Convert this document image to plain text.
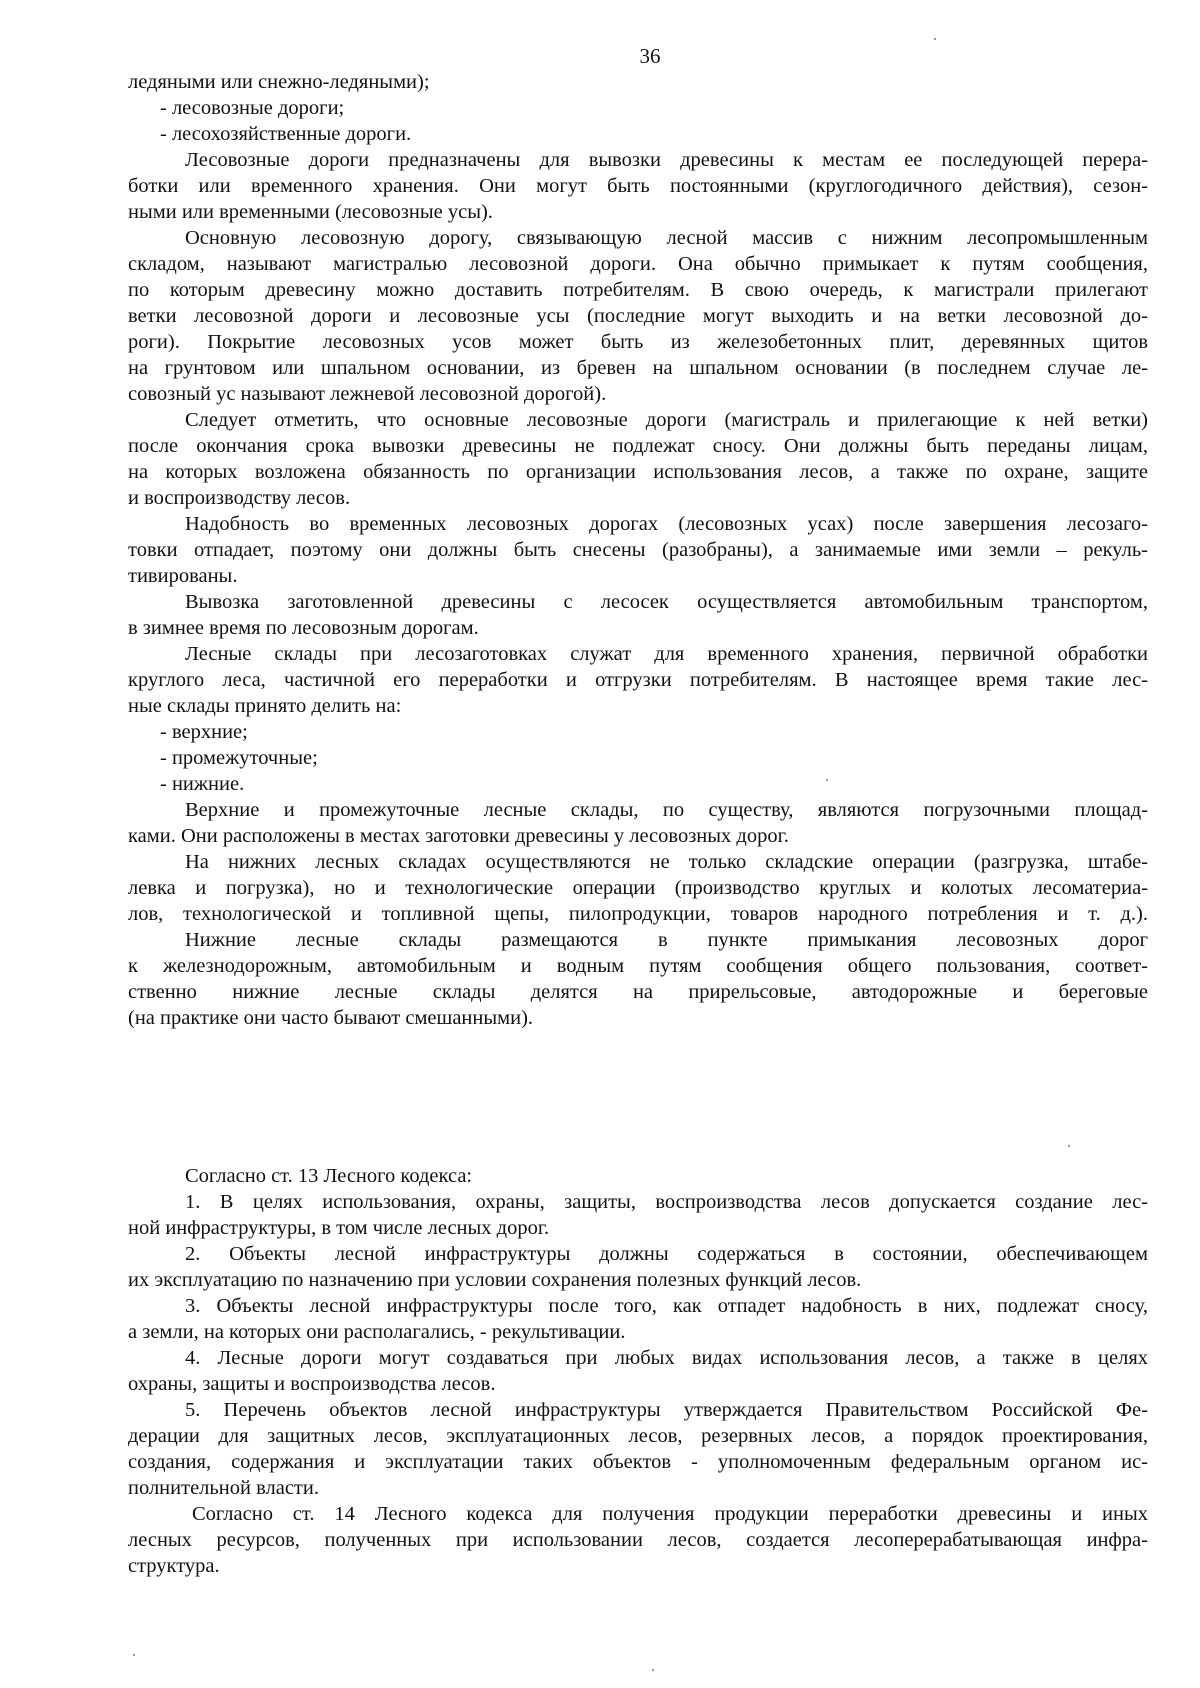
36
ледяными или снежно-ледяными);
- лесовозные дороги;
- лесохозяйственные дороги.
Лесовозные дороги предназначены для вывозки древесины к местам ее последующей перера-
ботки или временного хранения. Они могут быть постоянными (круглогодичного действия), сезон-
ными или временными (лесовозные усы).
Основную лесовозную дорогу, связывающую лесной массив с нижним лесопромышленным
складом, называют магистралью лесовозной дороги. Она обычно примыкает к путям сообщения,
по которым древесину можно доставить потребителям. В свою очередь, к магистрали прилегают
ветки лесовозной дороги и лесовозные усы (последние могут выходить и на ветки лесовозной до-
роги). Покрытие лесовозных усов может быть из железобетонных плит, деревянных щитов
на грунтовом или шпальном основании, из бревен на шпальном основании (в последнем случае ле-
совозный ус называют лежневой лесовозной дорогой).
Следует отметить, что основные лесовозные дороги (магистраль и прилегающие к ней ветки)
после окончания срока вывозки древесины не подлежат сносу. Они должны быть переданы лицам,
на которых возложена обязанность по организации использования лесов, а также по охране, защите
и воспроизводству лесов.
Надобность во временных лесовозных дорогах (лесовозных усах) после завершения лесозаго-
товки отпадает, поэтому они должны быть снесены (разобраны), а занимаемые ими земли – рекуль-
тивированы.
Вывозка заготовленной древесины с лесосек осуществляется автомобильным транспортом,
в зимнее время по лесовозным дорогам.
Лесные склады при лесозаготовках служат для временного хранения, первичной обработки
круглого леса, частичной его переработки и отгрузки потребителям. В настоящее время такие лес-
ные склады принято делить на:
- верхние;
- промежуточные;
- нижние.
Верхние и промежуточные лесные склады, по существу, являются погрузочными площад-
ками. Они расположены в местах заготовки древесины у лесовозных дорог.
На нижних лесных складах осуществляются не только складские операции (разгрузка, штабе-
левка и погрузка), но и технологические операции (производство круглых и колотых лесоматериа-
лов, технологической и топливной щепы, пилопродукции, товаров народного потребления и т. д.).
Нижние лесные склады размещаются в пункте примыкания лесовозных дорог
к железнодорожным, автомобильным и водным путям сообщения общего пользования, соответ-
ственно нижние лесные склады делятся на прирельсовые, автодорожные и береговые
(на практике они часто бывают смешанными).
Согласно ст. 13 Лесного кодекса:
1. В целях использования, охраны, защиты, воспроизводства лесов допускается создание лес-
ной инфраструктуры, в том числе лесных дорог.
2. Объекты лесной инфраструктуры должны содержаться в состоянии, обеспечивающем
их эксплуатацию по назначению при условии сохранения полезных функций лесов.
3. Объекты лесной инфраструктуры после того, как отпадет надобность в них, подлежат сносу,
а земли, на которых они располагались, - рекультивации.
4. Лесные дороги могут создаваться при любых видах использования лесов, а также в целях
охраны, защиты и воспроизводства лесов.
5. Перечень объектов лесной инфраструктуры утверждается Правительством Российской Фе-
дерации для защитных лесов, эксплуатационных лесов, резервных лесов, а порядок проектирования,
создания, содержания и эксплуатации таких объектов - уполномоченным федеральным органом ис-
полнительной власти.
Согласно ст. 14 Лесного кодекса для получения продукции переработки древесины и иных
лесных ресурсов, полученных при использовании лесов, создается лесоперерабатывающая инфра-
структура.
